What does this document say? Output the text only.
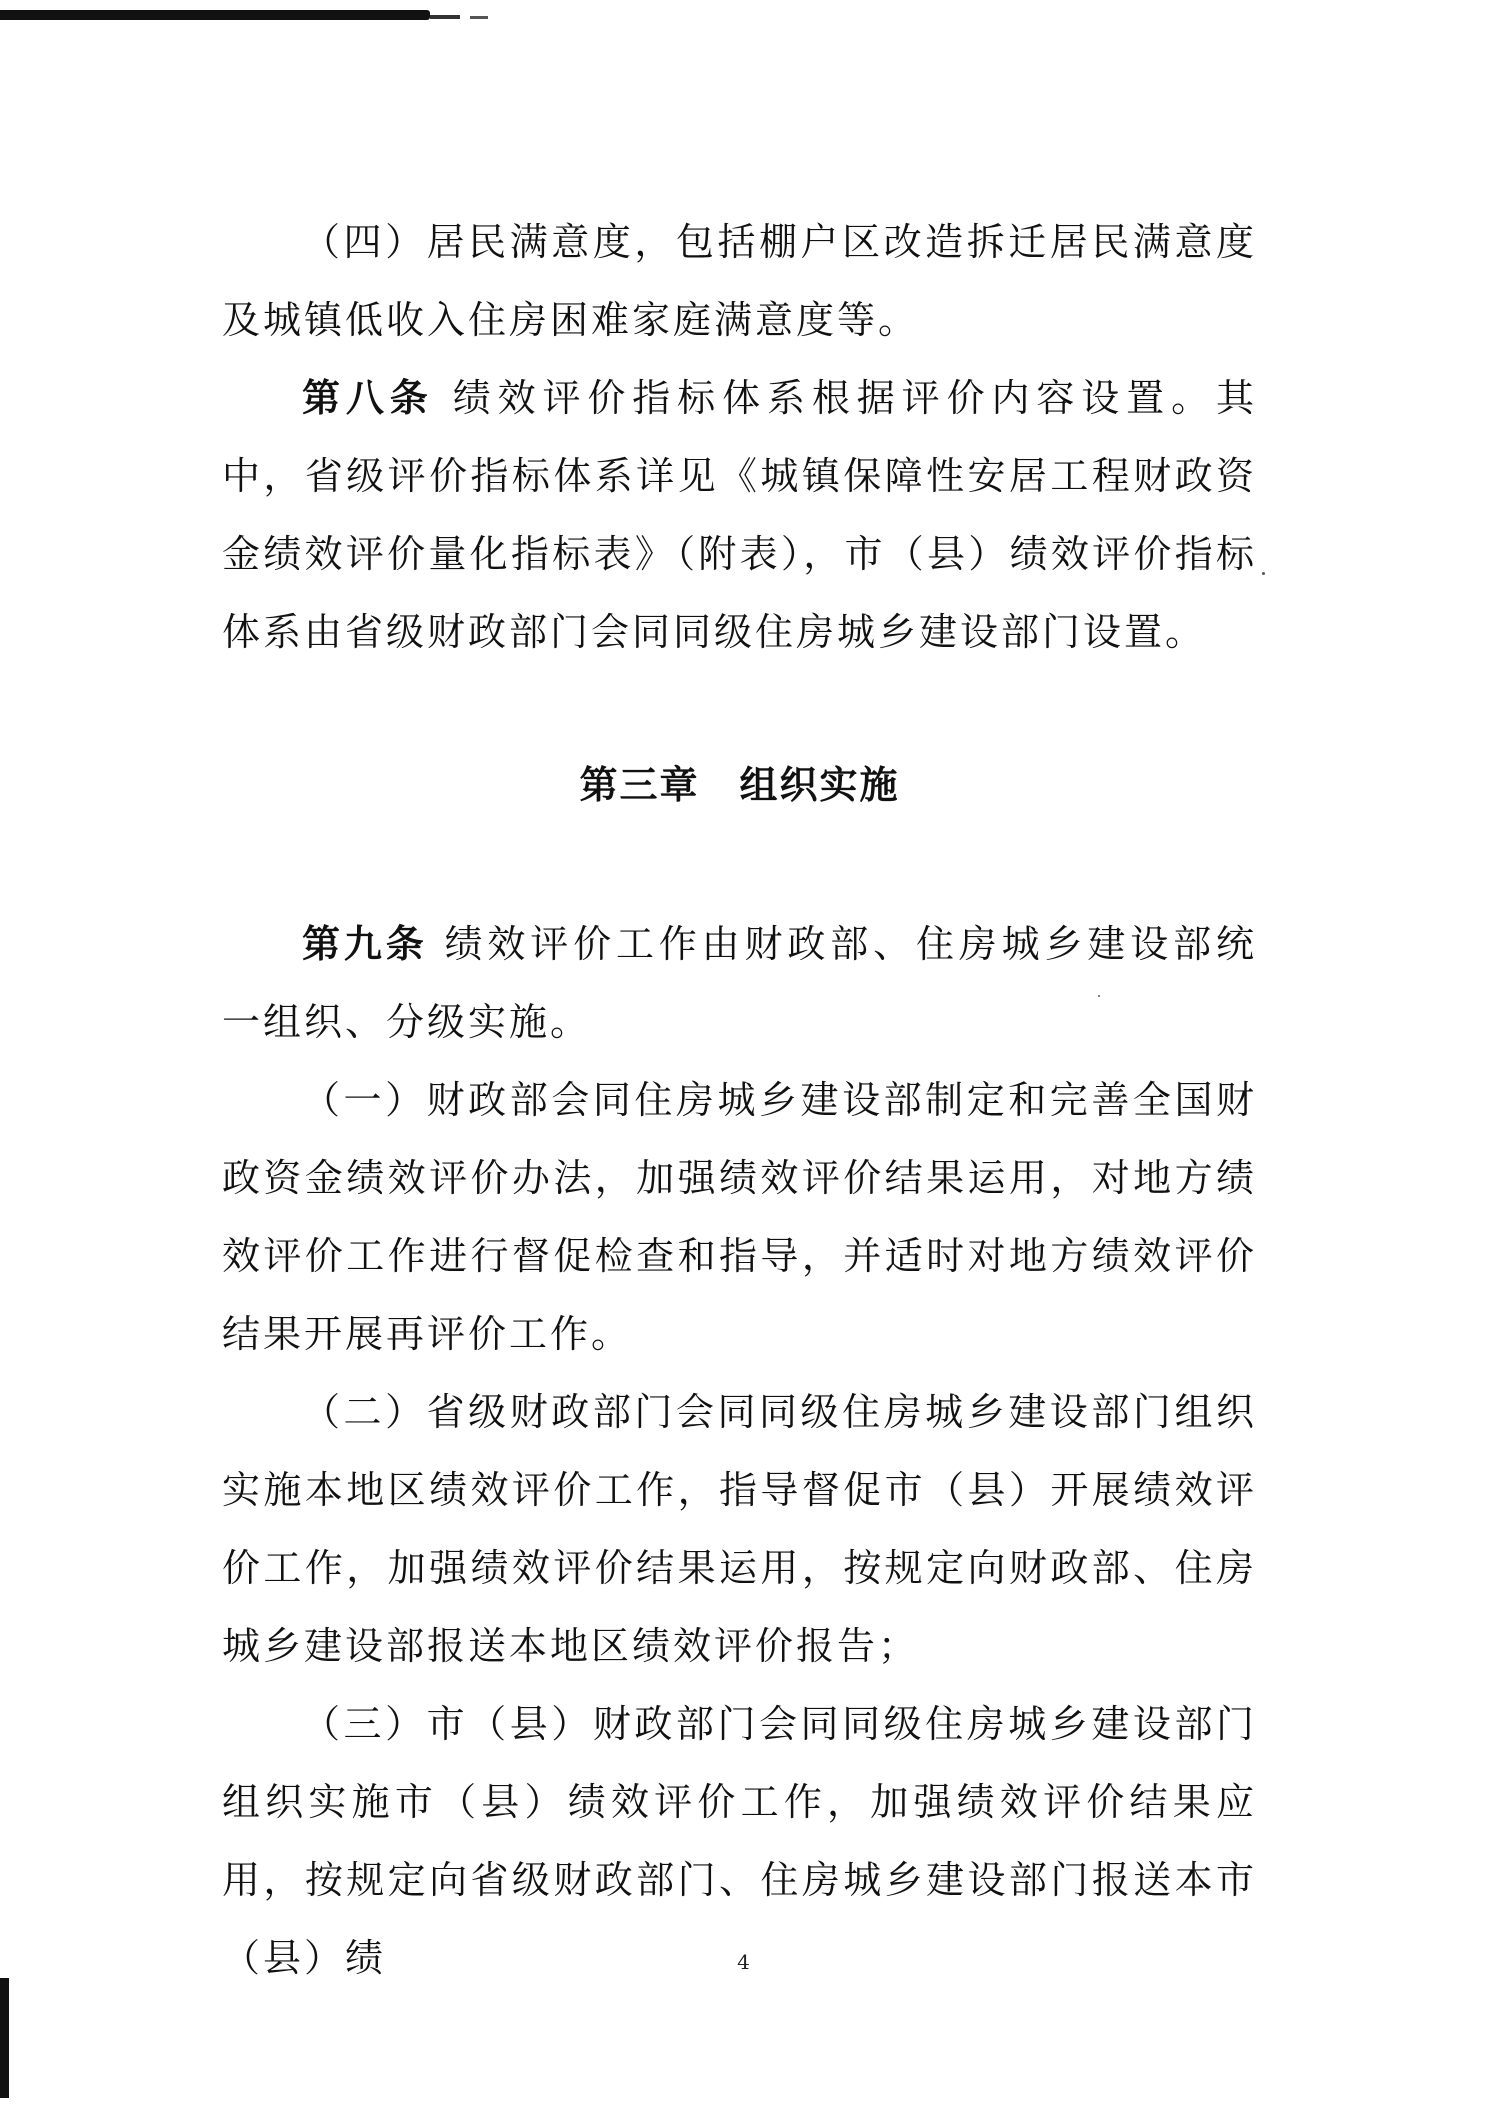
（四）居民满意度，包括棚户区改造拆迁居民满意度及城镇低收入住房困难家庭满意度等。

第八条 绩效评价指标体系根据评价内容设置。其中，省级评价指标体系详见《城镇保障性安居工程财政资金绩效评价量化指标表》（附表），市（县）绩效评价指标体系由省级财政部门会同同级住房城乡建设部门设置。

第三章 组织实施

第九条 绩效评价工作由财政部、住房城乡建设部统一组织、分级实施。

（一）财政部会同住房城乡建设部制定和完善全国财政资金绩效评价办法，加强绩效评价结果运用，对地方绩效评价工作进行督促检查和指导，并适时对地方绩效评价结果开展再评价工作。

（二）省级财政部门会同同级住房城乡建设部门组织实施本地区绩效评价工作，指导督促市（县）开展绩效评价工作，加强绩效评价结果运用，按规定向财政部、住房城乡建设部报送本地区绩效评价报告；

（三）市（县）财政部门会同同级住房城乡建设部门组织实施市（县）绩效评价工作，加强绩效评价结果应用，按规定向省级财政部门、住房城乡建设部门报送本市（县）绩	4
